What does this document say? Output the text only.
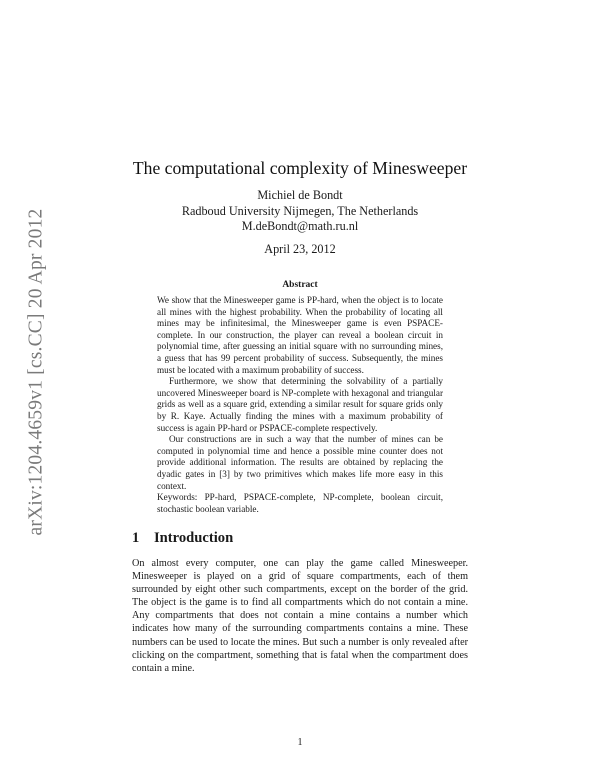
arXiv:1204.4659v1 [cs.CC] 20 Apr 2012
The computational complexity of Minesweeper
Michiel de Bondt
Radboud University Nijmegen, The Netherlands
M.deBondt@math.ru.nl
April 23, 2012
Abstract

We show that the Minesweeper game is PP-hard, when the object is to locate all mines with the highest probability. When the probability of locating all mines may be infinitesimal, the Minesweeper game is even PSPACE-complete. In our construction, the player can reveal a boolean circuit in polynomial time, after guessing an initial square with no surrounding mines, a guess that has 99 percent probability of success. Subsequently, the mines must be located with a maximum probability of success.

Furthermore, we show that determining the solvability of a partially uncovered Minesweeper board is NP-complete with hexagonal and triangular grids as well as a square grid, extending a similar result for square grids only by R. Kaye. Actually finding the mines with a maximum probability of success is again PP-hard or PSPACE-complete respectively.

Our constructions are in such a way that the number of mines can be computed in polynomial time and hence a possible mine counter does not provide additional information. The results are obtained by replacing the dyadic gates in [3] by two primitives which makes life more easy in this context.

Keywords: PP-hard, PSPACE-complete, NP-complete, boolean circuit, stochastic boolean variable.
1 Introduction

On almost every computer, one can play the game called Minesweeper. Minesweeper is played on a grid of square compartments, each of them surrounded by eight other such compartments, except on the border of the grid. The object is the game is to find all compartments which do not contain a mine. Any compartments that does not contain a mine contains a number which indicates how many of the surrounding compartments contains a mine. These numbers can be used to locate the mines. But such a number is only revealed after clicking on the compartment, something that is fatal when the compartment does contain a mine.

1
